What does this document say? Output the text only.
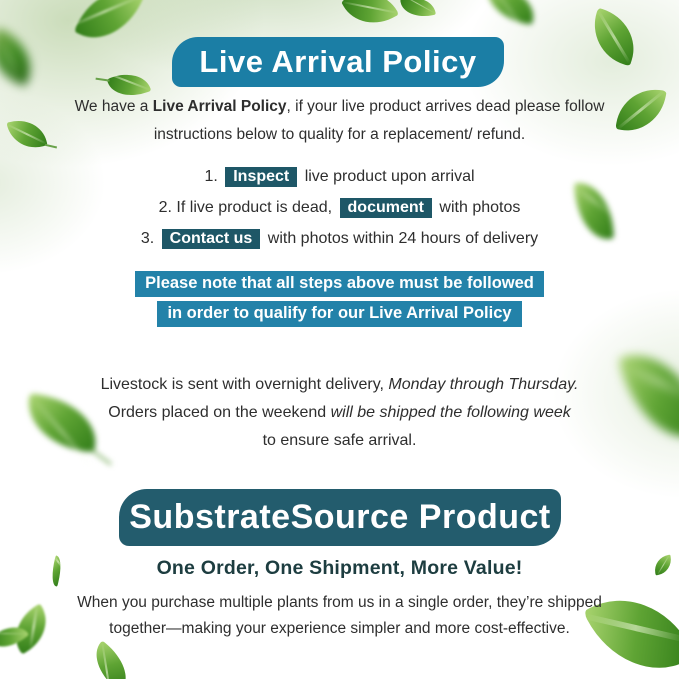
Live Arrival Policy
We have a Live Arrival Policy, if your live product arrives dead please follow
instructions below to quality for a replacement/ refund.
1. Inspect live product upon arrival
2. If live product is dead, document with photos
3. Contact us with photos within 24 hours of delivery
Please note that all steps above must be followed
in order to qualify for our Live Arrival Policy
Livestock is sent with overnight delivery, Monday through Thursday.
Orders placed on the weekend will be shipped the following week
to ensure safe arrival.
SubstrateSource Product
One Order, One Shipment, More Value!
When you purchase multiple plants from us in a single order, they’re shipped
together—making your experience simpler and more cost-effective.
